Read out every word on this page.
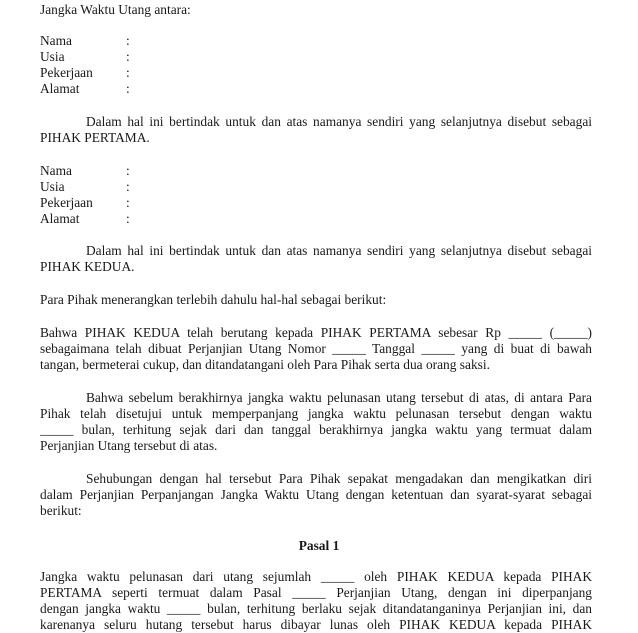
Jangka Waktu Utang antara:
Nama	:
Usia	:
Pekerjaan :
Alamat	:
Dalam hal ini bertindak untuk dan atas namanya sendiri yang selanjutnya disebut sebagai
PIHAK PERTAMA.
Nama	:
Usia	:
Pekerjaan :
Alamat	:
Dalam hal ini bertindak untuk dan atas namanya sendiri yang selanjutnya disebut sebagai
PIHAK KEDUA.
Para Pihak menerangkan terlebih dahulu hal-hal sebagai berikut:
Bahwa PIHAK KEDUA telah berutang kepada PIHAK PERTAMA sebesar Rp _____ (_____)
sebagaimana telah dibuat Perjanjian Utang Nomor _____ Tanggal _____ yang di buat di bawah
tangan, bermeterai cukup, dan ditandatangani oleh Para Pihak serta dua orang saksi.
Bahwa sebelum berakhirnya jangka waktu pelunasan utang tersebut di atas, di antara Para
Pihak telah disetujui untuk memperpanjang jangka waktu pelunasan tersebut dengan waktu
_____ bulan, terhitung sejak dari dan tanggal berakhirnya jangka waktu yang termuat dalam
Perjanjian Utang tersebut di atas.
Sehubungan dengan hal tersebut Para Pihak sepakat mengadakan dan mengikatkan diri
dalam Perjanjian Perpanjangan Jangka Waktu Utang dengan ketentuan dan syarat-syarat sebagai
berikut:
Pasal 1
Jangka waktu pelunasan dari utang sejumlah _____ oleh PIHAK KEDUA kepada PIHAK
PERTAMA seperti termuat dalam Pasal _____ Perjanjian Utang, dengan ini diperpanjang
dengan jangka waktu _____ bulan, terhitung berlaku sejak ditandatanganinya Perjanjian ini, dan
karenanya seluru hutang tersebut harus dibayar lunas oleh PIHAK KEDUA kepada PIHAK
